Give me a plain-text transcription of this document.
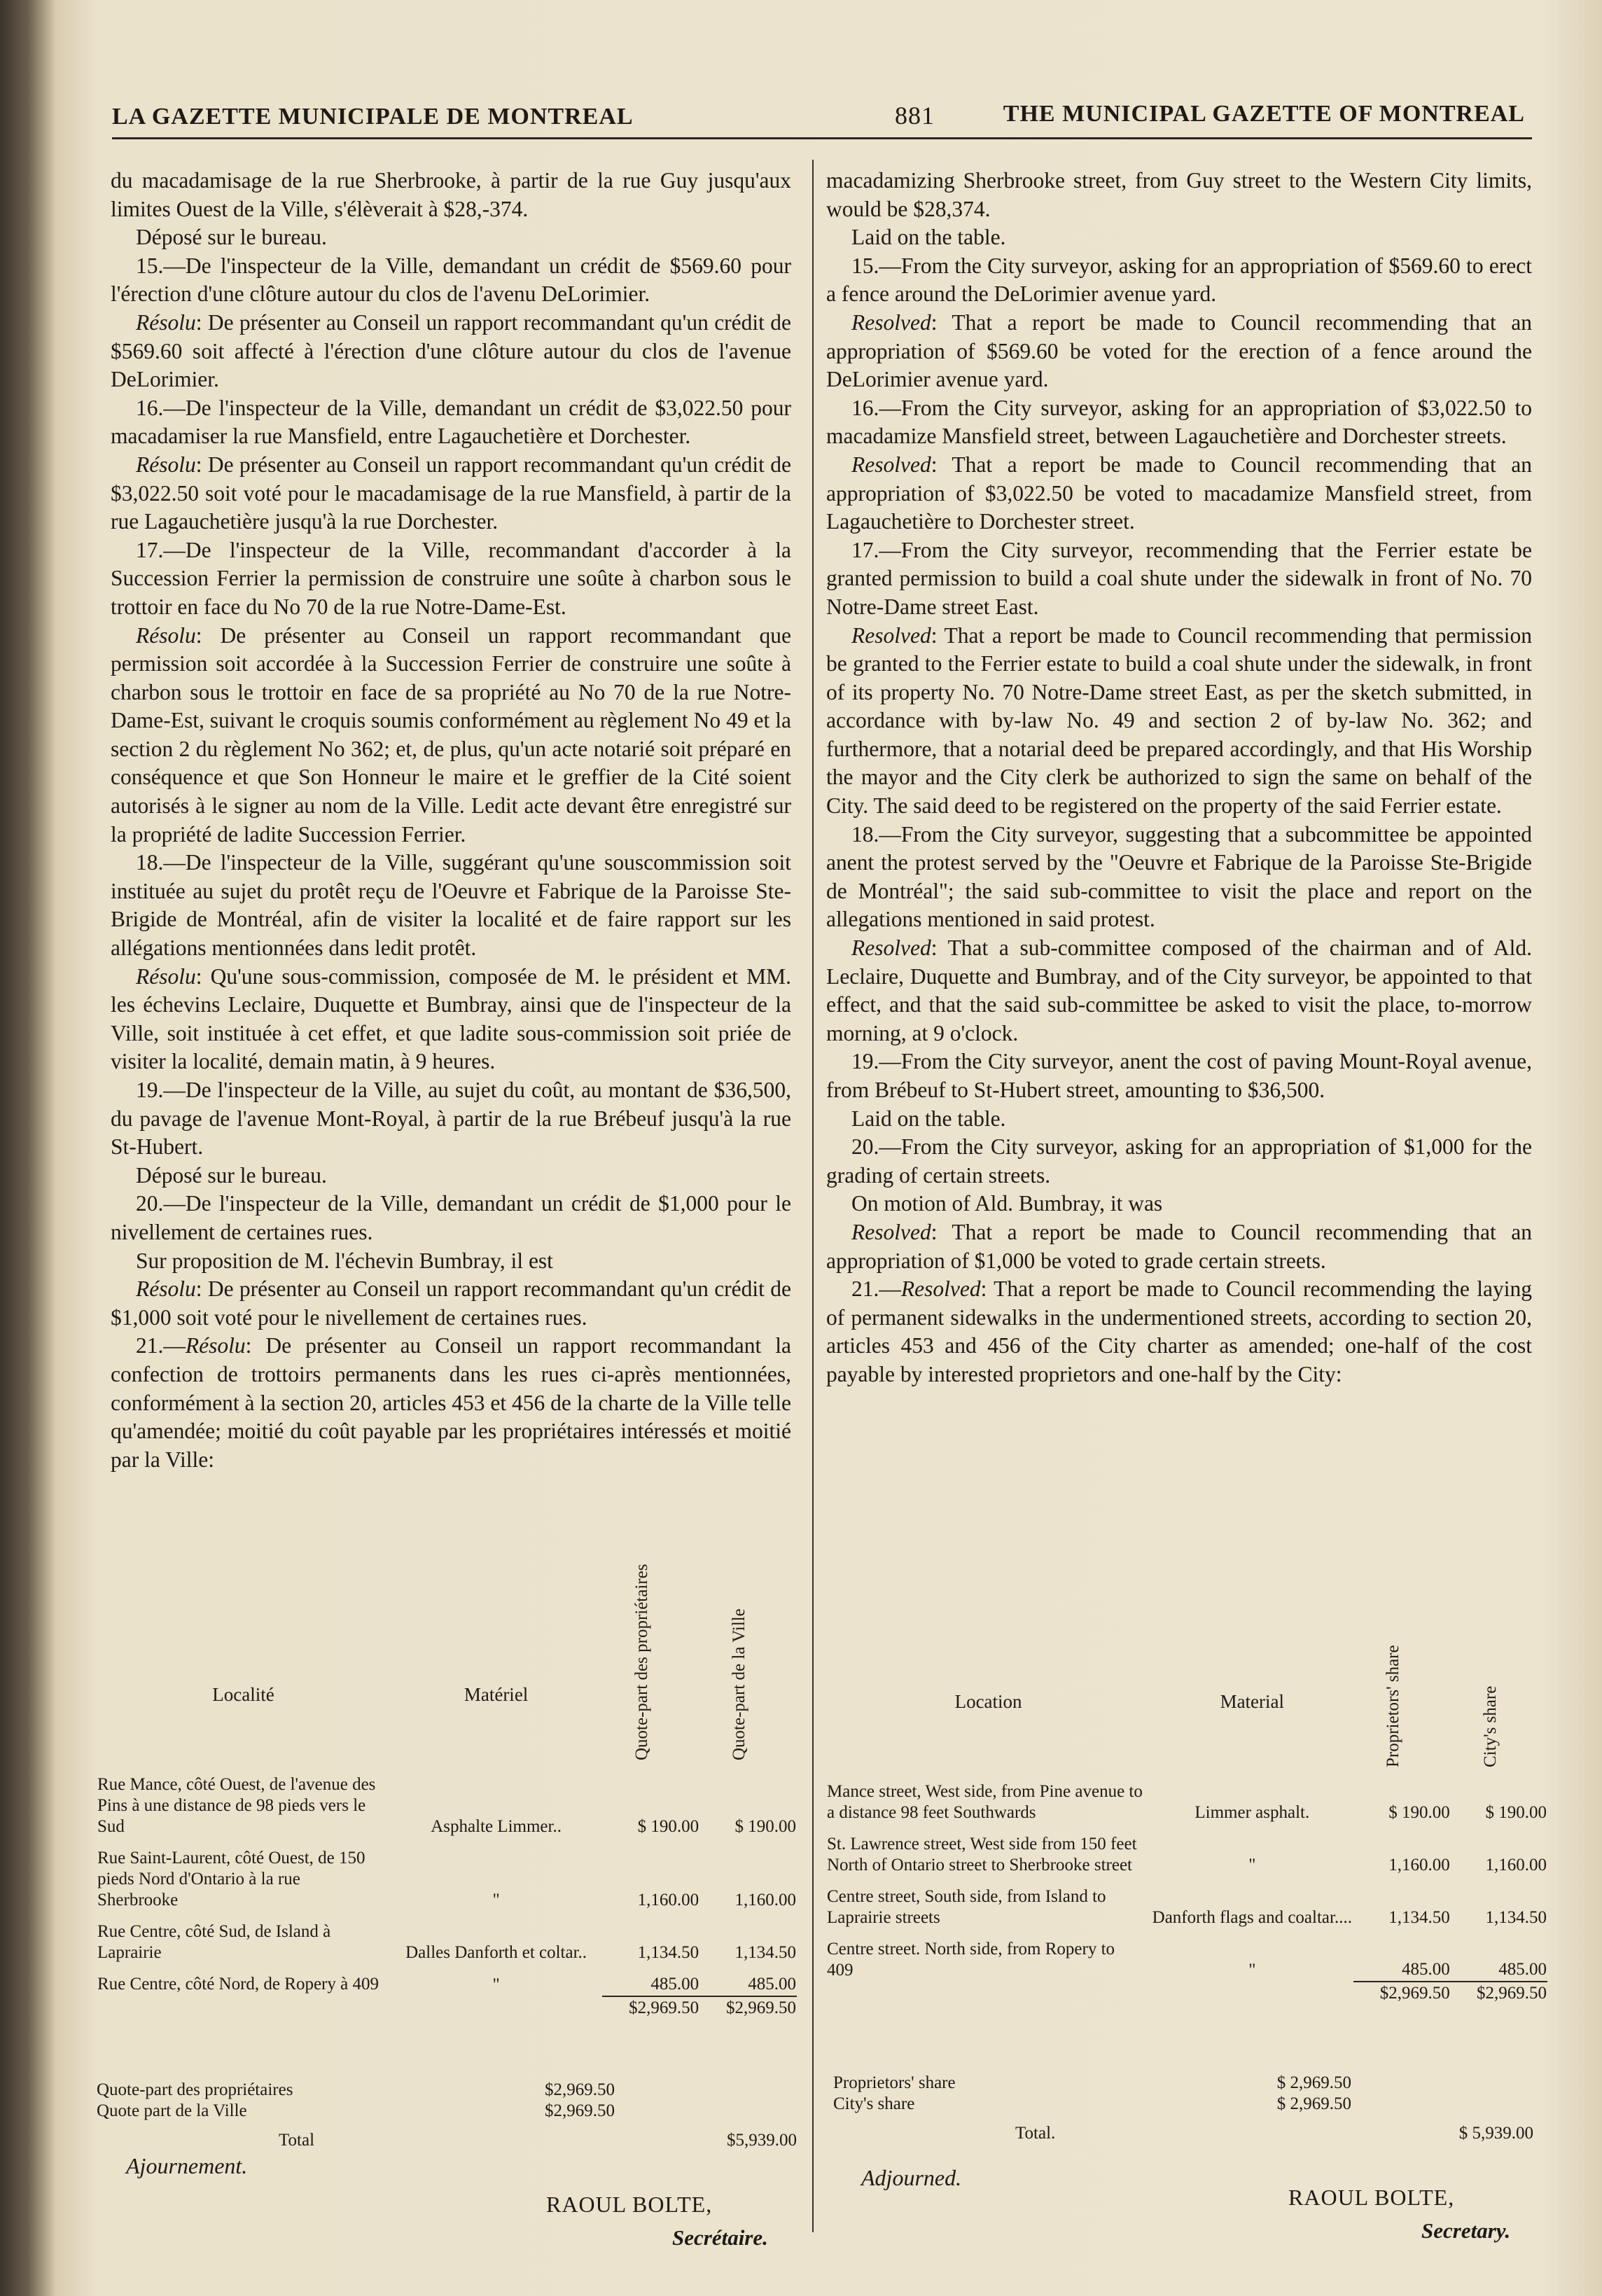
LA GAZETTE MUNICIPALE DE MONTREAL	881	THE MUNICIPAL GAZETTE OF MONTREAL

du macadamisage de la rue Sherbrooke, à partir de la rue Guy jusqu'aux limites Ouest de la Ville, s'élèverait à $28,-374.

Déposé sur le bureau.

15.—De l'inspecteur de la Ville, demandant un crédit de $569.60 pour l'érection d'une clôture autour du clos de l'avenu DeLorimier.

Résolu: De présenter au Conseil un rapport recommandant qu'un crédit de $569.60 soit affecté à l'érection d'une clôture autour du clos de l'avenue DeLorimier.

16.—De l'inspecteur de la Ville, demandant un crédit de $3,022.50 pour macadamiser la rue Mansfield, entre Lagauchetière et Dorchester.

Résolu: De présenter au Conseil un rapport recommandant qu'un crédit de $3,022.50 soit voté pour le macadamisage de la rue Mansfield, à partir de la rue Lagauchetière jusqu'à la rue Dorchester.

17.—De l'inspecteur de la Ville, recommandant d'accorder à la Succession Ferrier la permission de construire une soûte à charbon sous le trottoir en face du No 70 de la rue Notre-Dame-Est.

Résolu: De présenter au Conseil un rapport recommandant que permission soit accordée à la Succession Ferrier de construire une soûte à charbon sous le trottoir en face de sa propriété au No 70 de la rue Notre-Dame-Est, suivant le croquis soumis conformément au règlement No 49 et la section 2 du règlement No 362; et, de plus, qu'un acte notarié soit préparé en conséquence et que Son Honneur le maire et le greffier de la Cité soient autorisés à le signer au nom de la Ville. Ledit acte devant être enregistré sur la propriété de ladite Succession Ferrier.

18.—De l'inspecteur de la Ville, suggérant qu'une souscommission soit instituée au sujet du protêt reçu de l'Oeuvre et Fabrique de la Paroisse Ste-Brigide de Montréal, afin de visiter la localité et de faire rapport sur les allégations mentionnées dans ledit protêt.

Résolu: Qu'une sous-commission, composée de M. le président et MM. les échevins Leclaire, Duquette et Bumbray, ainsi que de l'inspecteur de la Ville, soit instituée à cet effet, et que ladite sous-commission soit priée de visiter la localité, demain matin, à 9 heures.

19.—De l'inspecteur de la Ville, au sujet du coût, au montant de $36,500, du pavage de l'avenue Mont-Royal, à partir de la rue Brébeuf jusqu'à la rue St-Hubert.

Déposé sur le bureau.

20.—De l'inspecteur de la Ville, demandant un crédit de $1,000 pour le nivellement de certaines rues.

Sur proposition de M. l'échevin Bumbray, il est

Résolu: De présenter au Conseil un rapport recommandant qu'un crédit de $1,000 soit voté pour le nivellement de certaines rues.

21.—Résolu: De présenter au Conseil un rapport recommandant la confection de trottoirs permanents dans les rues ci-après mentionnées, conformément à la section 20, articles 453 et 456 de la charte de la Ville telle qu'amendée; moitié du coût payable par les propriétaires intéressés et moitié par la Ville:

macadamizing Sherbrooke street, from Guy street to the Western City limits, would be $28,374.

Laid on the table.

15.—From the City surveyor, asking for an appropriation of $569.60 to erect a fence around the DeLorimier avenue yard.

Resolved: That a report be made to Council recommending that an appropriation of $569.60 be voted for the erection of a fence around the DeLorimier avenue yard.

16.—From the City surveyor, asking for an appropriation of $3,022.50 to macadamize Mansfield street, between Lagauchetière and Dorchester streets.

Resolved: That a report be made to Council recommending that an appropriation of $3,022.50 be voted to macadamize Mansfield street, from Lagauchetière to Dorchester street.

17.—From the City surveyor, recommending that the Ferrier estate be granted permission to build a coal shute under the sidewalk in front of No. 70 Notre-Dame street East.

Resolved: That a report be made to Council recommending that permission be granted to the Ferrier estate to build a coal shute under the sidewalk, in front of its property No. 70 Notre-Dame street East, as per the sketch submitted, in accordance with by-law No. 49 and section 2 of by-law No. 362; and furthermore, that a notarial deed be prepared accordingly, and that His Worship the mayor and the City clerk be authorized to sign the same on behalf of the City. The said deed to be registered on the property of the said Ferrier estate.

18.—From the City surveyor, suggesting that a subcommittee be appointed anent the protest served by the "Oeuvre et Fabrique de la Paroisse Ste-Brigide de Montréal"; the said sub-committee to visit the place and report on the allegations mentioned in said protest.

Resolved: That a sub-committee composed of the chairman and of Ald. Leclaire, Duquette and Bumbray, and of the City surveyor, be appointed to that effect, and that the said sub-committee be asked to visit the place, to-morrow morning, at 9 o'clock.

19.—From the City surveyor, anent the cost of paving Mount-Royal avenue, from Brébeuf to St-Hubert street, amounting to $36,500.

Laid on the table.

20.—From the City surveyor, asking for an appropriation of $1,000 for the grading of certain streets.

On motion of Ald. Bumbray, it was

Resolved: That a report be made to Council recommending that an appropriation of $1,000 be voted to grade certain streets.

21.—Resolved: That a report be made to Council recommending the laying of permanent sidewalks in the undermentioned streets, according to section 20, articles 453 and 456 of the City charter as amended; one-half of the cost payable by interested proprietors and one-half by the City:

Localité	Matériel	Quote-part des propriétaires	Quote-part de la Ville

Rue Mance, côté Ouest, de l'avenue des Pins à une distance de 98 pieds vers le Sud	Asphalte Limmer..	$ 190.00	$ 190.00
Rue Saint-Laurent, côté Ouest, de 150 pieds Nord d'Ontario à la rue Sherbrooke	"	1,160.00	1,160.00
Rue Centre, côté Sud, de Island à Laprairie	Dalles Danforth et coltar..	1,134.50	1,134.50
Rue Centre, côté Nord, de Ropery à 409	"	485.00	485.00
		$2,969.50	$2,969.50
Quote-part des propriétaires	$2,969.50
Quote part de la Ville	$2,969.50
Total	$5,939.00
Ajournement.
RAOUL BOLTE,
Secrétaire.
Location	Material	Proprietors' share	City's share

Mance street, West side, from Pine avenue to a distance 98 feet Southwards	Limmer asphalt.	$ 190.00	$ 190.00
St. Lawrence street, West side from 150 feet North of Ontario street to Sherbrooke street	"	1,160.00	1,160.00
Centre street, South side, from Island to Laprairie streets	Danforth flags and coaltar....	1,134.50	1,134.50
Centre street. North side, from Ropery to 409	"	485.00	485.00
		$2,969.50	$2,969.50
Proprietors' share	$ 2,969.50
City's share	$ 2,969.50
Total.	$ 5,939.00
Adjourned.
RAOUL BOLTE,
Secretary.
